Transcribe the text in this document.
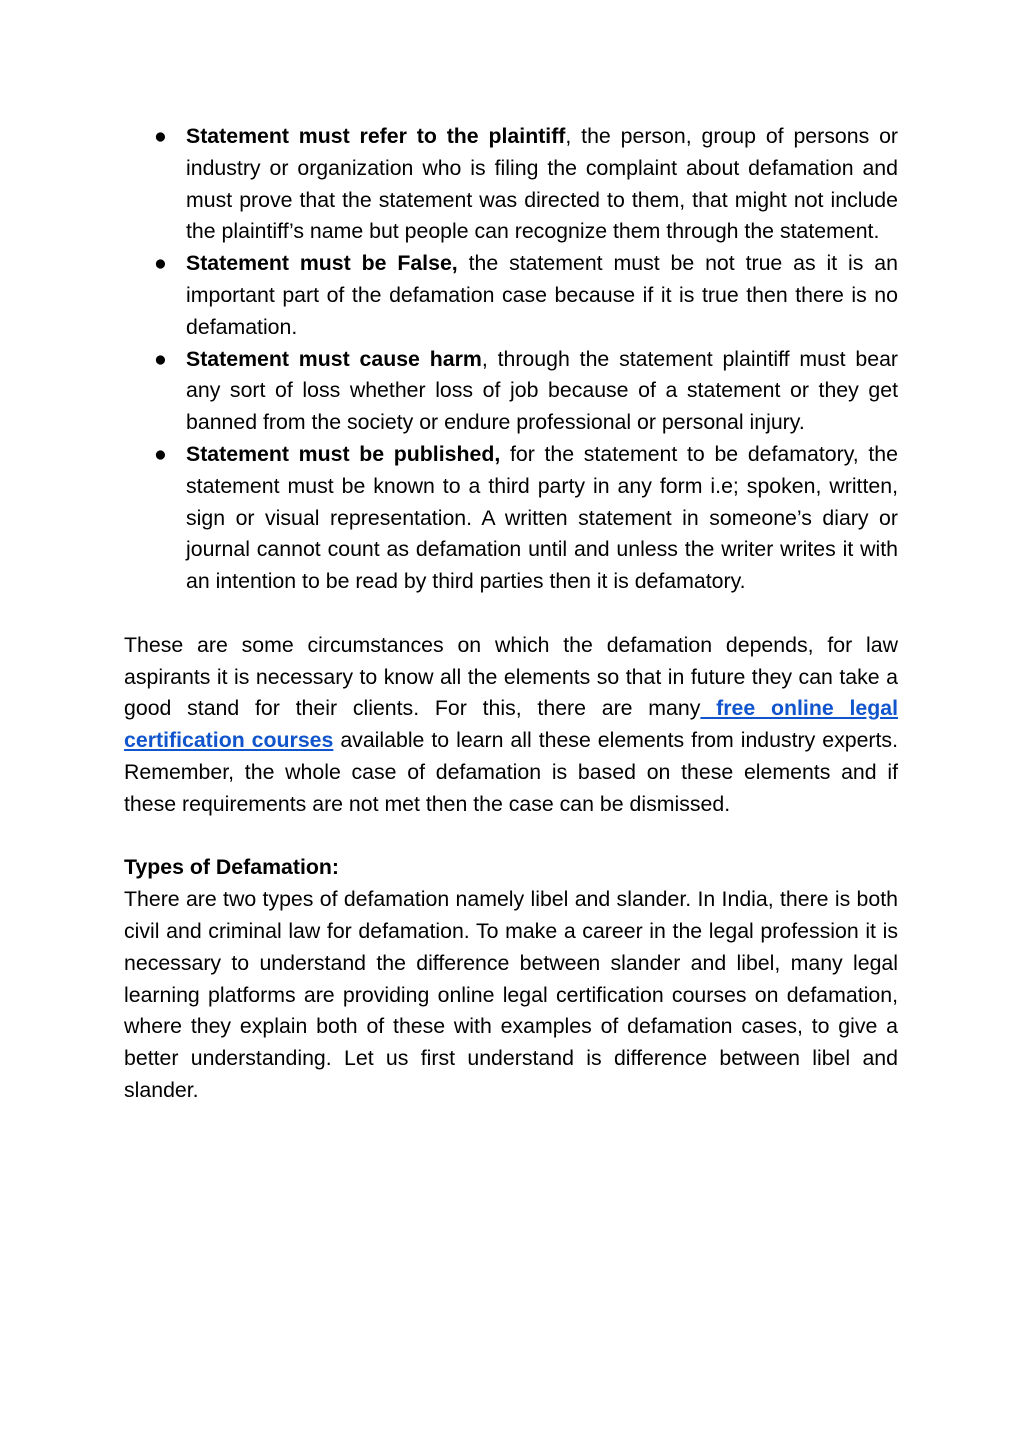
● Statement must refer to the plaintiff, the person, group of persons or industry or organization who is filing the complaint about defamation and must prove that the statement was directed to them, that might not include the plaintiff’s name but people can recognize them through the statement.
● Statement must be False, the statement must be not true as it is an important part of the defamation case because if it is true then there is no defamation.
● Statement must cause harm, through the statement plaintiff must bear any sort of loss whether loss of job because of a statement or they get banned from the society or endure professional or personal injury.
● Statement must be published, for the statement to be defamatory, the statement must be known to a third party in any form i.e; spoken, written, sign or visual representation. A written statement in someone’s diary or journal cannot count as defamation until and unless the writer writes it with an intention to be read by third parties then it is defamatory.

These are some circumstances on which the defamation depends, for law aspirants it is necessary to know all the elements so that in future they can take a good stand for their clients. For this, there are many free online legal certification courses available to learn all these elements from industry experts. Remember, the whole case of defamation is based on these elements and if these requirements are not met then the case can be dismissed.

Types of Defamation:

There are two types of defamation namely libel and slander. In India, there is both civil and criminal law for defamation. To make a career in the legal profession it is necessary to understand the difference between slander and libel, many legal learning platforms are providing online legal certification courses on defamation, where they explain both of these with examples of defamation cases, to give a better understanding. Let us first understand is difference between libel and slander.
